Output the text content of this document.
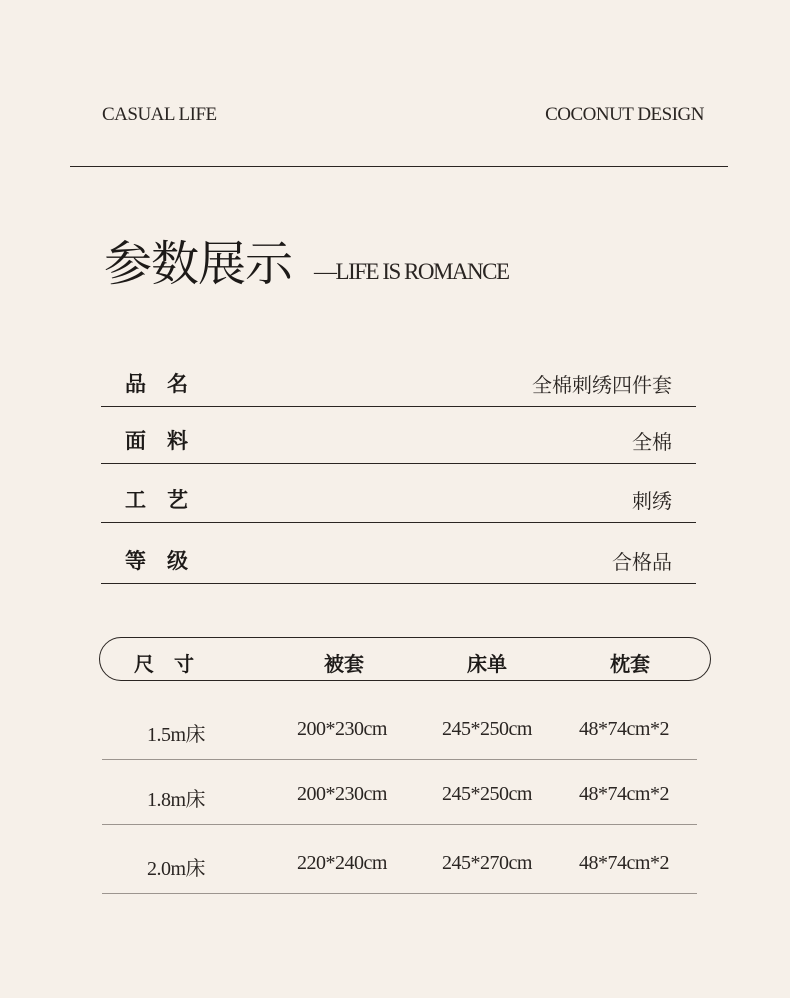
CASUAL LIFE	COCONUT DESIGN
参数展示 —LIFE IS ROMANCE
品　名	全棉刺绣四件套
面　料	全棉
工　艺	刺绣
等　级	合格品
尺　寸	被套	床单	枕套
1.5m床	200*230cm	245*250cm 48*74cm*2
1.8m床	200*230cm	245*250cm 48*74cm*2
2.0m床	220*240cm	245*270cm 48*74cm*2
